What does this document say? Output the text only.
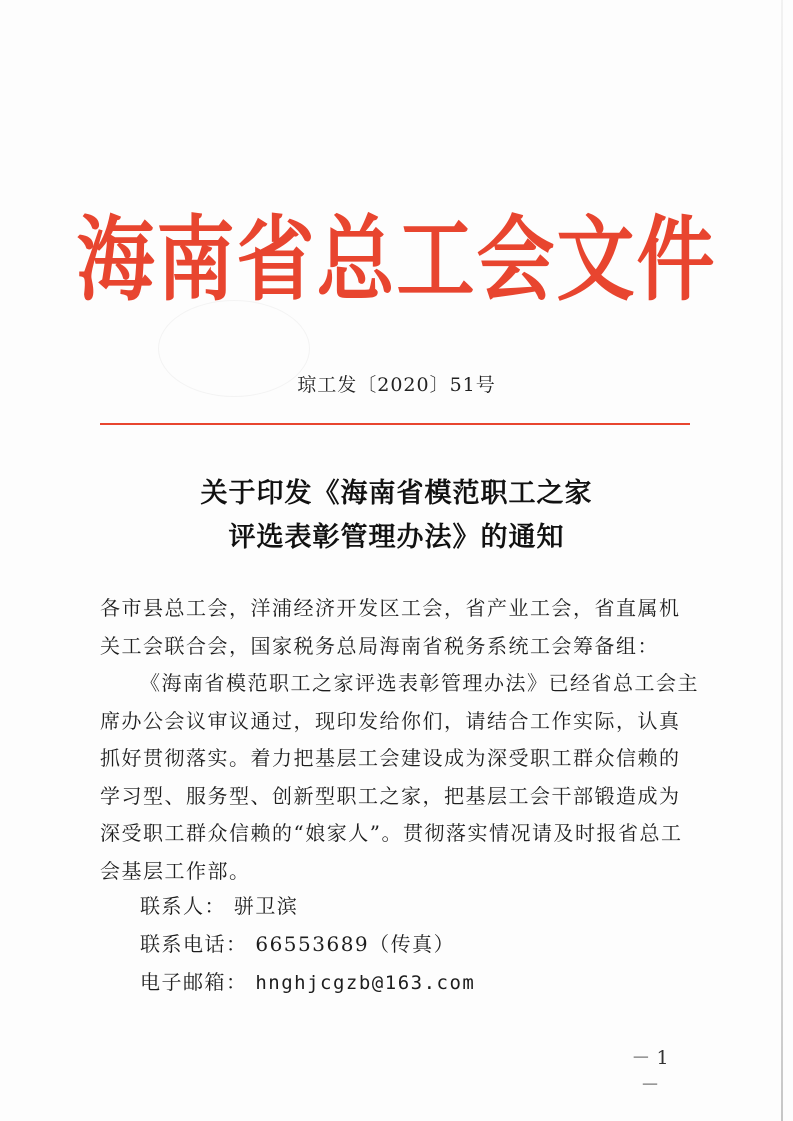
海南省总工会文件
琼工发〔2020〕51号
关于印发《海南省模范职工之家
评选表彰管理办法》的通知

各市县总工会，洋浦经济开发区工会，省产业工会，省直属机关工会联合会，国家税务总局海南省税务系统工会筹备组：

《海南省模范职工之家评选表彰管理办法》已经省总工会主席办公会议审议通过，现印发给你们，请结合工作实际，认真抓好贯彻落实。着力把基层工会建设成为深受职工群众信赖的学习型、服务型、创新型职工之家，把基层工会干部锻造成为深受职工群众信赖的“娘家人”。贯彻落实情况请及时报省总工会基层工作部。

联系人： 骈卫滨
联系电话： 66553689（传真）
电子邮箱： hnghjcgzb@163.com
－ 1 －
